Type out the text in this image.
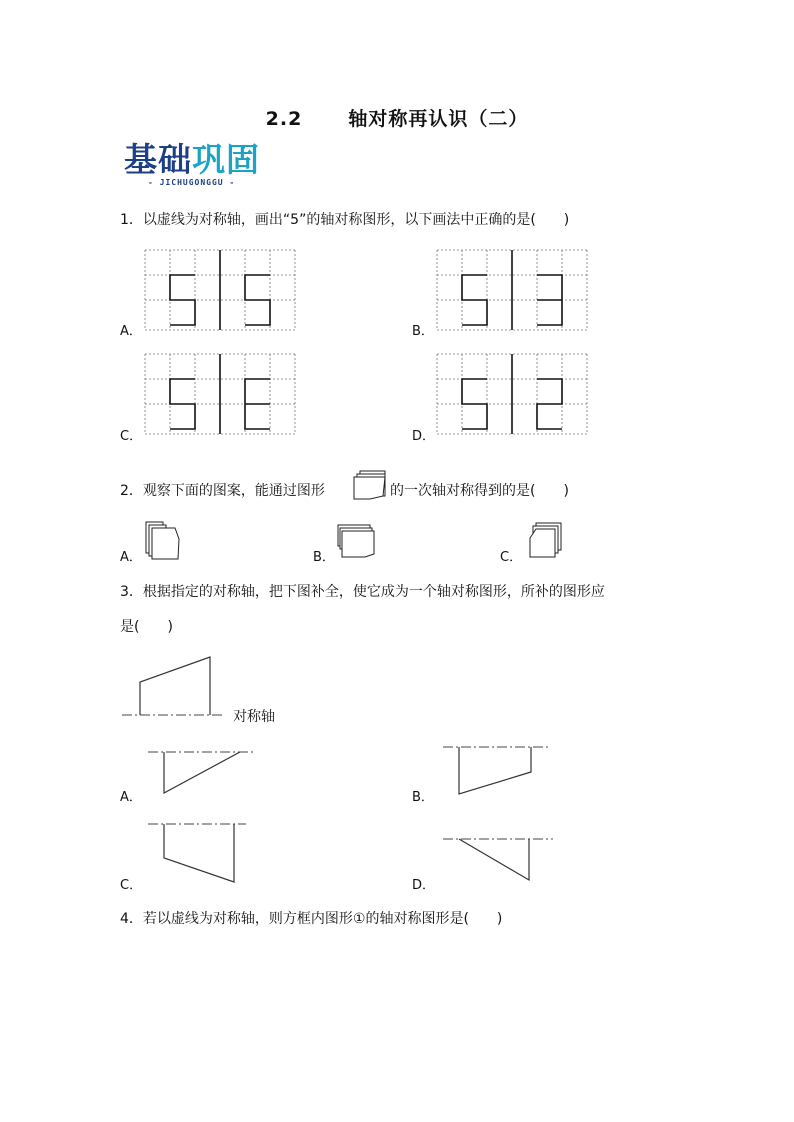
2.2 轴对称再认识（二）
基础巩固
- JICHUGONGGU -
1．以虚线为对称轴，画出“5”的轴对称图形，以下画法中正确的是(　　)
A．	B．
C．	D．
2．观察下面的图案，能通过图形	的一次轴对称得到的是(　　)
A．	B．	C．
3．根据指定的对称轴，把下图补全，使它成为一个轴对称图形，所补的图形应
是(　　)
对称轴
A．	B．
C．	D．
4．若以虚线为对称轴，则方框内图形①的轴对称图形是(　　)
